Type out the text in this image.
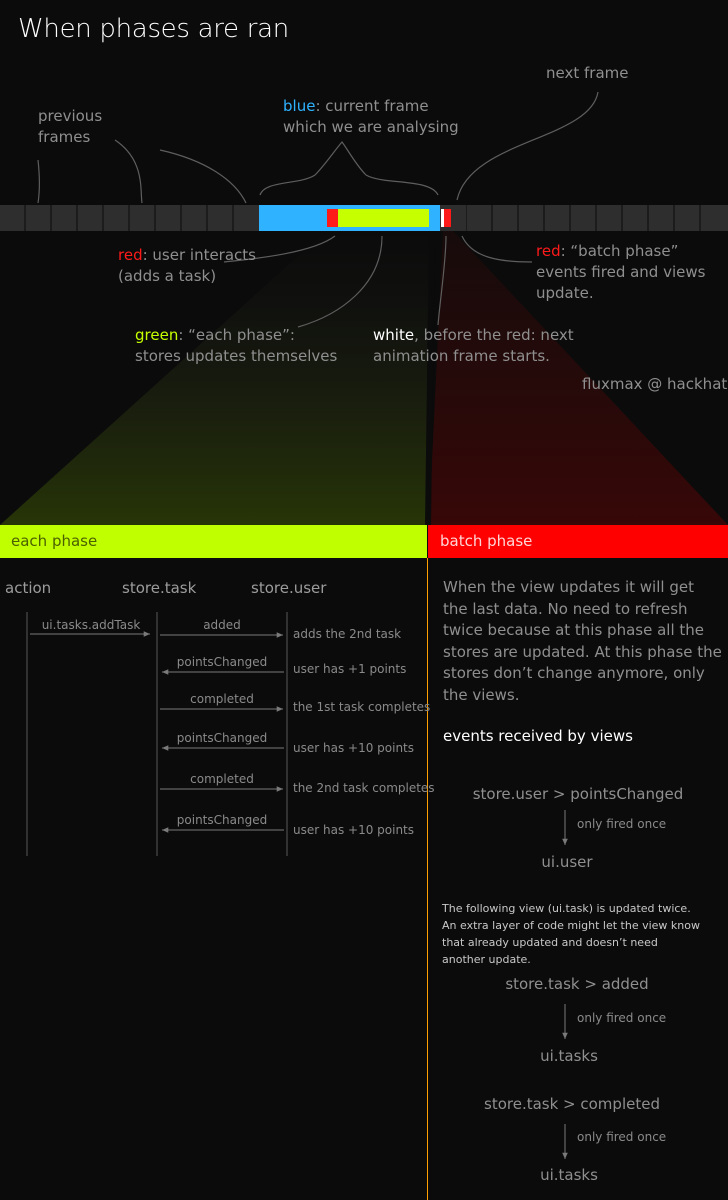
When phases are ran
previous
frames
blue: current frame
which we are analysing
next frame
red: user interacts
(adds a task)
red: “batch phase”
events fired and views
update.
green: “each phase”:
stores updates themselves
white, before the red: next
animation frame starts.
fluxmax @ hackhat
each phase	batch phase
action	store.task	store.user
ui.tasks.addTask	added
adds the 2nd task
pointsChanged	user has +1 points
completed
the 1st task completes
pointsChanged
user has +10 points
completed
the 2nd task completes
pointsChanged
user has +10 points
When the view updates it will get the last data. No need to refresh twice because at this phase all the stores are updated. At this phase the stores don’t change anymore, only the views.
events received by views
store.user > pointsChanged
only fired once
ui.user
The following view (ui.task) is updated twice. An extra layer of code might let the view know that already updated and doesn’t need another update.
store.task > added
only fired once
ui.tasks
store.task > completed
only fired once
ui.tasks
